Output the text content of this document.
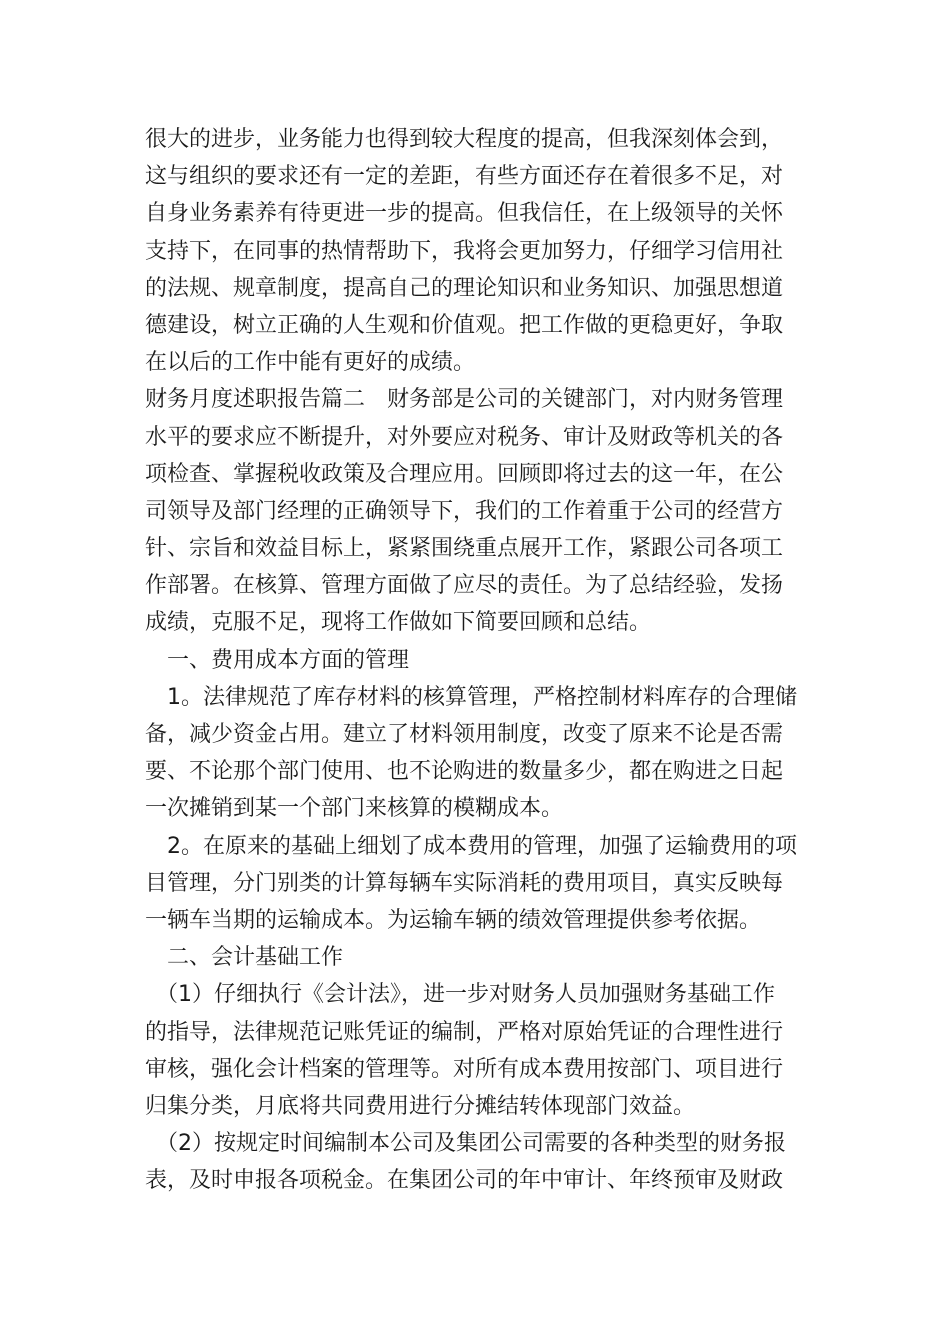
很大的进步，业务能力也得到较大程度的提高，但我深刻体会到，
这与组织的要求还有一定的差距，有些方面还存在着很多不足，对
自身业务素养有待更进一步的提高。但我信任，在上级领导的关怀
支持下，在同事的热情帮助下，我将会更加努力，仔细学习信用社
的法规、规章制度，提高自己的理论知识和业务知识、加强思想道
德建设，树立正确的人生观和价值观。把工作做的更稳更好，争取
在以后的工作中能有更好的成绩。
财务月度述职报告篇二　财务部是公司的关键部门，对内财务管理
水平的要求应不断提升，对外要应对税务、审计及财政等机关的各
项检查、掌握税收政策及合理应用。回顾即将过去的这一年，在公
司领导及部门经理的正确领导下，我们的工作着重于公司的经营方
针、宗旨和效益目标上，紧紧围绕重点展开工作，紧跟公司各项工
作部署。在核算、管理方面做了应尽的责任。为了总结经验，发扬
成绩，克服不足，现将工作做如下简要回顾和总结。
　一、费用成本方面的管理
　1。法律规范了库存材料的核算管理，严格控制材料库存的合理储
备，减少资金占用。建立了材料领用制度，改变了原来不论是否需
要、不论那个部门使用、也不论购进的数量多少，都在购进之日起
一次摊销到某一个部门来核算的模糊成本。
　2。在原来的基础上细划了成本费用的管理，加强了运输费用的项
目管理，分门别类的计算每辆车实际消耗的费用项目，真实反映每
一辆车当期的运输成本。为运输车辆的绩效管理提供参考依据。
　二、会计基础工作
　（1）仔细执行《会计法》，进一步对财务人员加强财务基础工作
的指导，法律规范记账凭证的编制，严格对原始凭证的合理性进行
审核，强化会计档案的管理等。对所有成本费用按部门、项目进行
归集分类，月底将共同费用进行分摊结转体现部门效益。
　（2）按规定时间编制本公司及集团公司需要的各种类型的财务报
表，及时申报各项税金。在集团公司的年中审计、年终预审及财政
